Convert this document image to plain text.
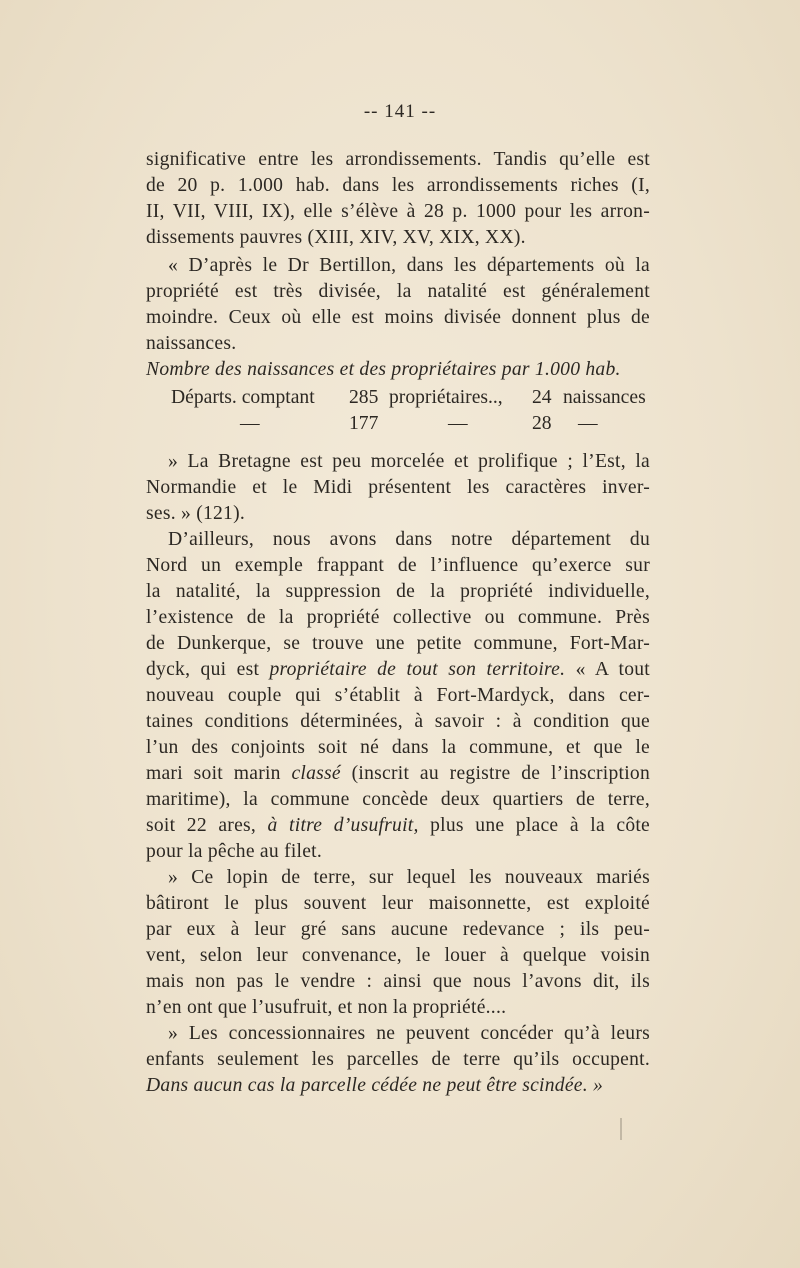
-- 141 --
significative entre les arrondissements. Tandis qu’elle est
de 20 p. 1.000 hab. dans les arrondissements riches (I,
II, VII, VIII, IX), elle s’élève à 28 p. 1000 pour les arron-
dissements pauvres (XIII, XIV, XV, XIX, XX).
« D’après le Dr Bertillon, dans les départements où la
propriété est très divisée, la natalité est généralement
moindre. Ceux où elle est moins divisée donnent plus de
naissances.
Nombre des naissances et des propriétaires par 1.000 hab.
Départs. comptant 285 propriétaires.., 24 naissances
—	177	—	28 —
» La Bretagne est peu morcelée et prolifique ; l’Est, la
Normandie et le Midi présentent les caractères inver-
ses. » (121).
D’ailleurs, nous avons dans notre département du
Nord un exemple frappant de l’influence qu’exerce sur
la natalité, la suppression de la propriété individuelle,
l’existence de la propriété collective ou commune. Près
de Dunkerque, se trouve une petite commune, Fort-Mar-
dyck, qui est propriétaire de tout son territoire. « A tout
nouveau couple qui s’établit à Fort-Mardyck, dans cer-
taines conditions déterminées, à savoir : à condition que
l’un des conjoints soit né dans la commune, et que le
mari soit marin classé (inscrit au registre de l’inscription
maritime), la commune concède deux quartiers de terre,
soit 22 ares, à titre d’usufruit, plus une place à la côte
pour la pêche au filet.
» Ce lopin de terre, sur lequel les nouveaux mariés
bâtiront le plus souvent leur maisonnette, est exploité
par eux à leur gré sans aucune redevance ; ils peu-
vent, selon leur convenance, le louer à quelque voisin
mais non pas le vendre : ainsi que nous l’avons dit, ils
n’en ont que l’usufruit, et non la propriété....
» Les concessionnaires ne peuvent concéder qu’à leurs
enfants seulement les parcelles de terre qu’ils occupent.
Dans aucun cas la parcelle cédée ne peut être scindée. »
